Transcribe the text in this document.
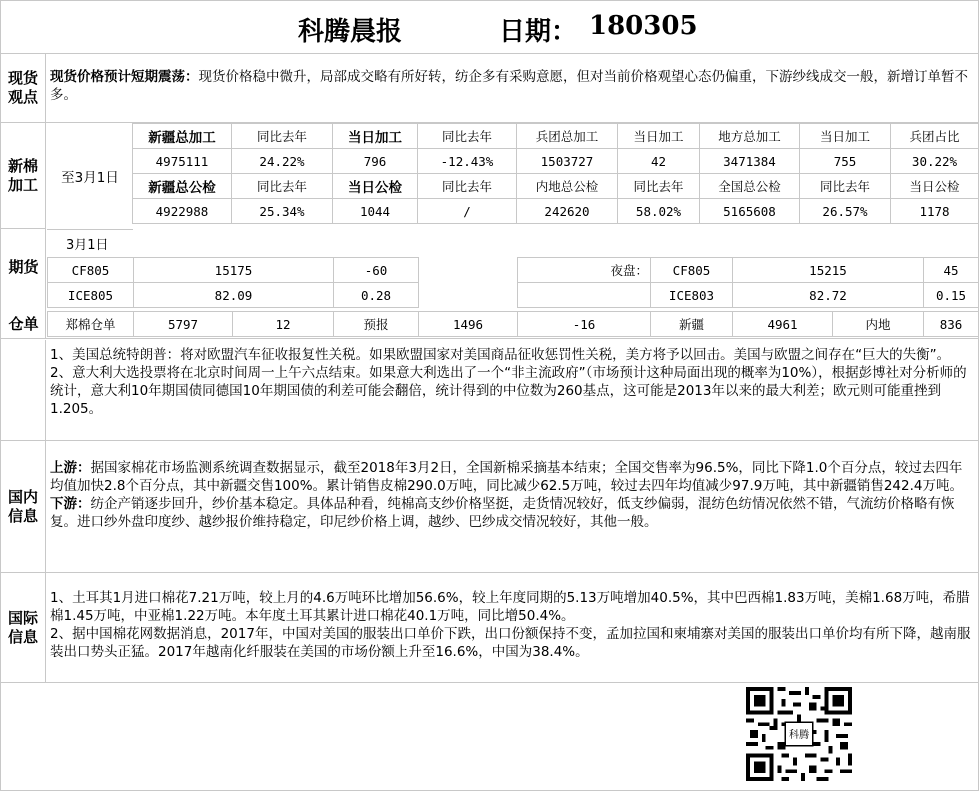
科腾晨报	日期： 180305
现货观点
现货价格预计短期震荡：现货价格稳中微升，局部成交略有所好转，纺企多有采购意愿，但对当前价格观望心态仍偏重，下游纱线成交一般，新增订单暂不多。
新棉加工	至3月1日
新疆总加工	同比去年	当日加工	同比去年	兵团总加工	当日加工	地方总加工	当日加工	兵团占比
4975111	24.22%	796	-12.43%	1503727	42	3471384	755	30.22%
新疆总公检	同比去年	当日公检	同比去年	内地总公检	同比去年	全国总公检	同比去年	当日公检
4922988	25.34%	1044	/	242620	58.02%	5165608	26.57%	1178
期货
仓单
3月1日
CF805	15175	-60		夜盘：	CF805	15215	45
ICE805	82.09	0.28			ICE803	82.72	0.15
郑棉仓单	5797	12	预报	1496	-16	新疆	4961	内地	836
1、美国总统特朗普：将对欧盟汽车征收报复性关税。如果欧盟国家对美国商品征收惩罚性关税，美方将予以回击。美国与欧盟之间存在“巨大的失衡”。
2、意大利大选投票将在北京时间周一上午六点结束。如果意大利选出了一个“非主流政府”（市场预计这种局面出现的概率为10%），根据彭博社对分析师的统计，意大利10年期国债同德国10年期国债的利差可能会翻倍，统计得到的中位数为260基点，这可能是2013年以来的最大利差；欧元则可能重挫到1.205。
国内信息
上游：据国家棉花市场监测系统调查数据显示，截至2018年3月2日，全国新棉采摘基本结束；全国交售率为96.5%，同比下降1.0个百分点，较过去四年均值加快2.8个百分点，其中新疆交售100%。累计销售皮棉290.0万吨，同比减少62.5万吨，较过去四年均值减少97.9万吨，其中新疆销售242.4万吨。
下游：纺企产销逐步回升，纱价基本稳定。具体品种看，纯棉高支纱价格坚挺，走货情况较好，低支纱偏弱，混纺色纺情况依然不错，气流纺价格略有恢复。进口纱外盘印度纱、越纱报价维持稳定，印尼纱价格上调，越纱、巴纱成交情况较好，其他一般。
国际信息
1、土耳其1月进口棉花7.21万吨，较上月的4.6万吨环比增加56.6%，较上年度同期的5.13万吨增加40.5%，其中巴西棉1.83万吨，美棉1.68万吨，希腊棉1.45万吨，中亚棉1.22万吨。本年度土耳其累计进口棉花40.1万吨，同比增50.4%。
2、据中国棉花网数据消息，2017年，中国对美国的服装出口单价下跌，出口份额保持不变，孟加拉国和柬埔寨对美国的服装出口单价均有所下降，越南服装出口势头正猛。2017年越南化纤服装在美国的市场份额上升至16.6%，中国为38.4%。
科腾
